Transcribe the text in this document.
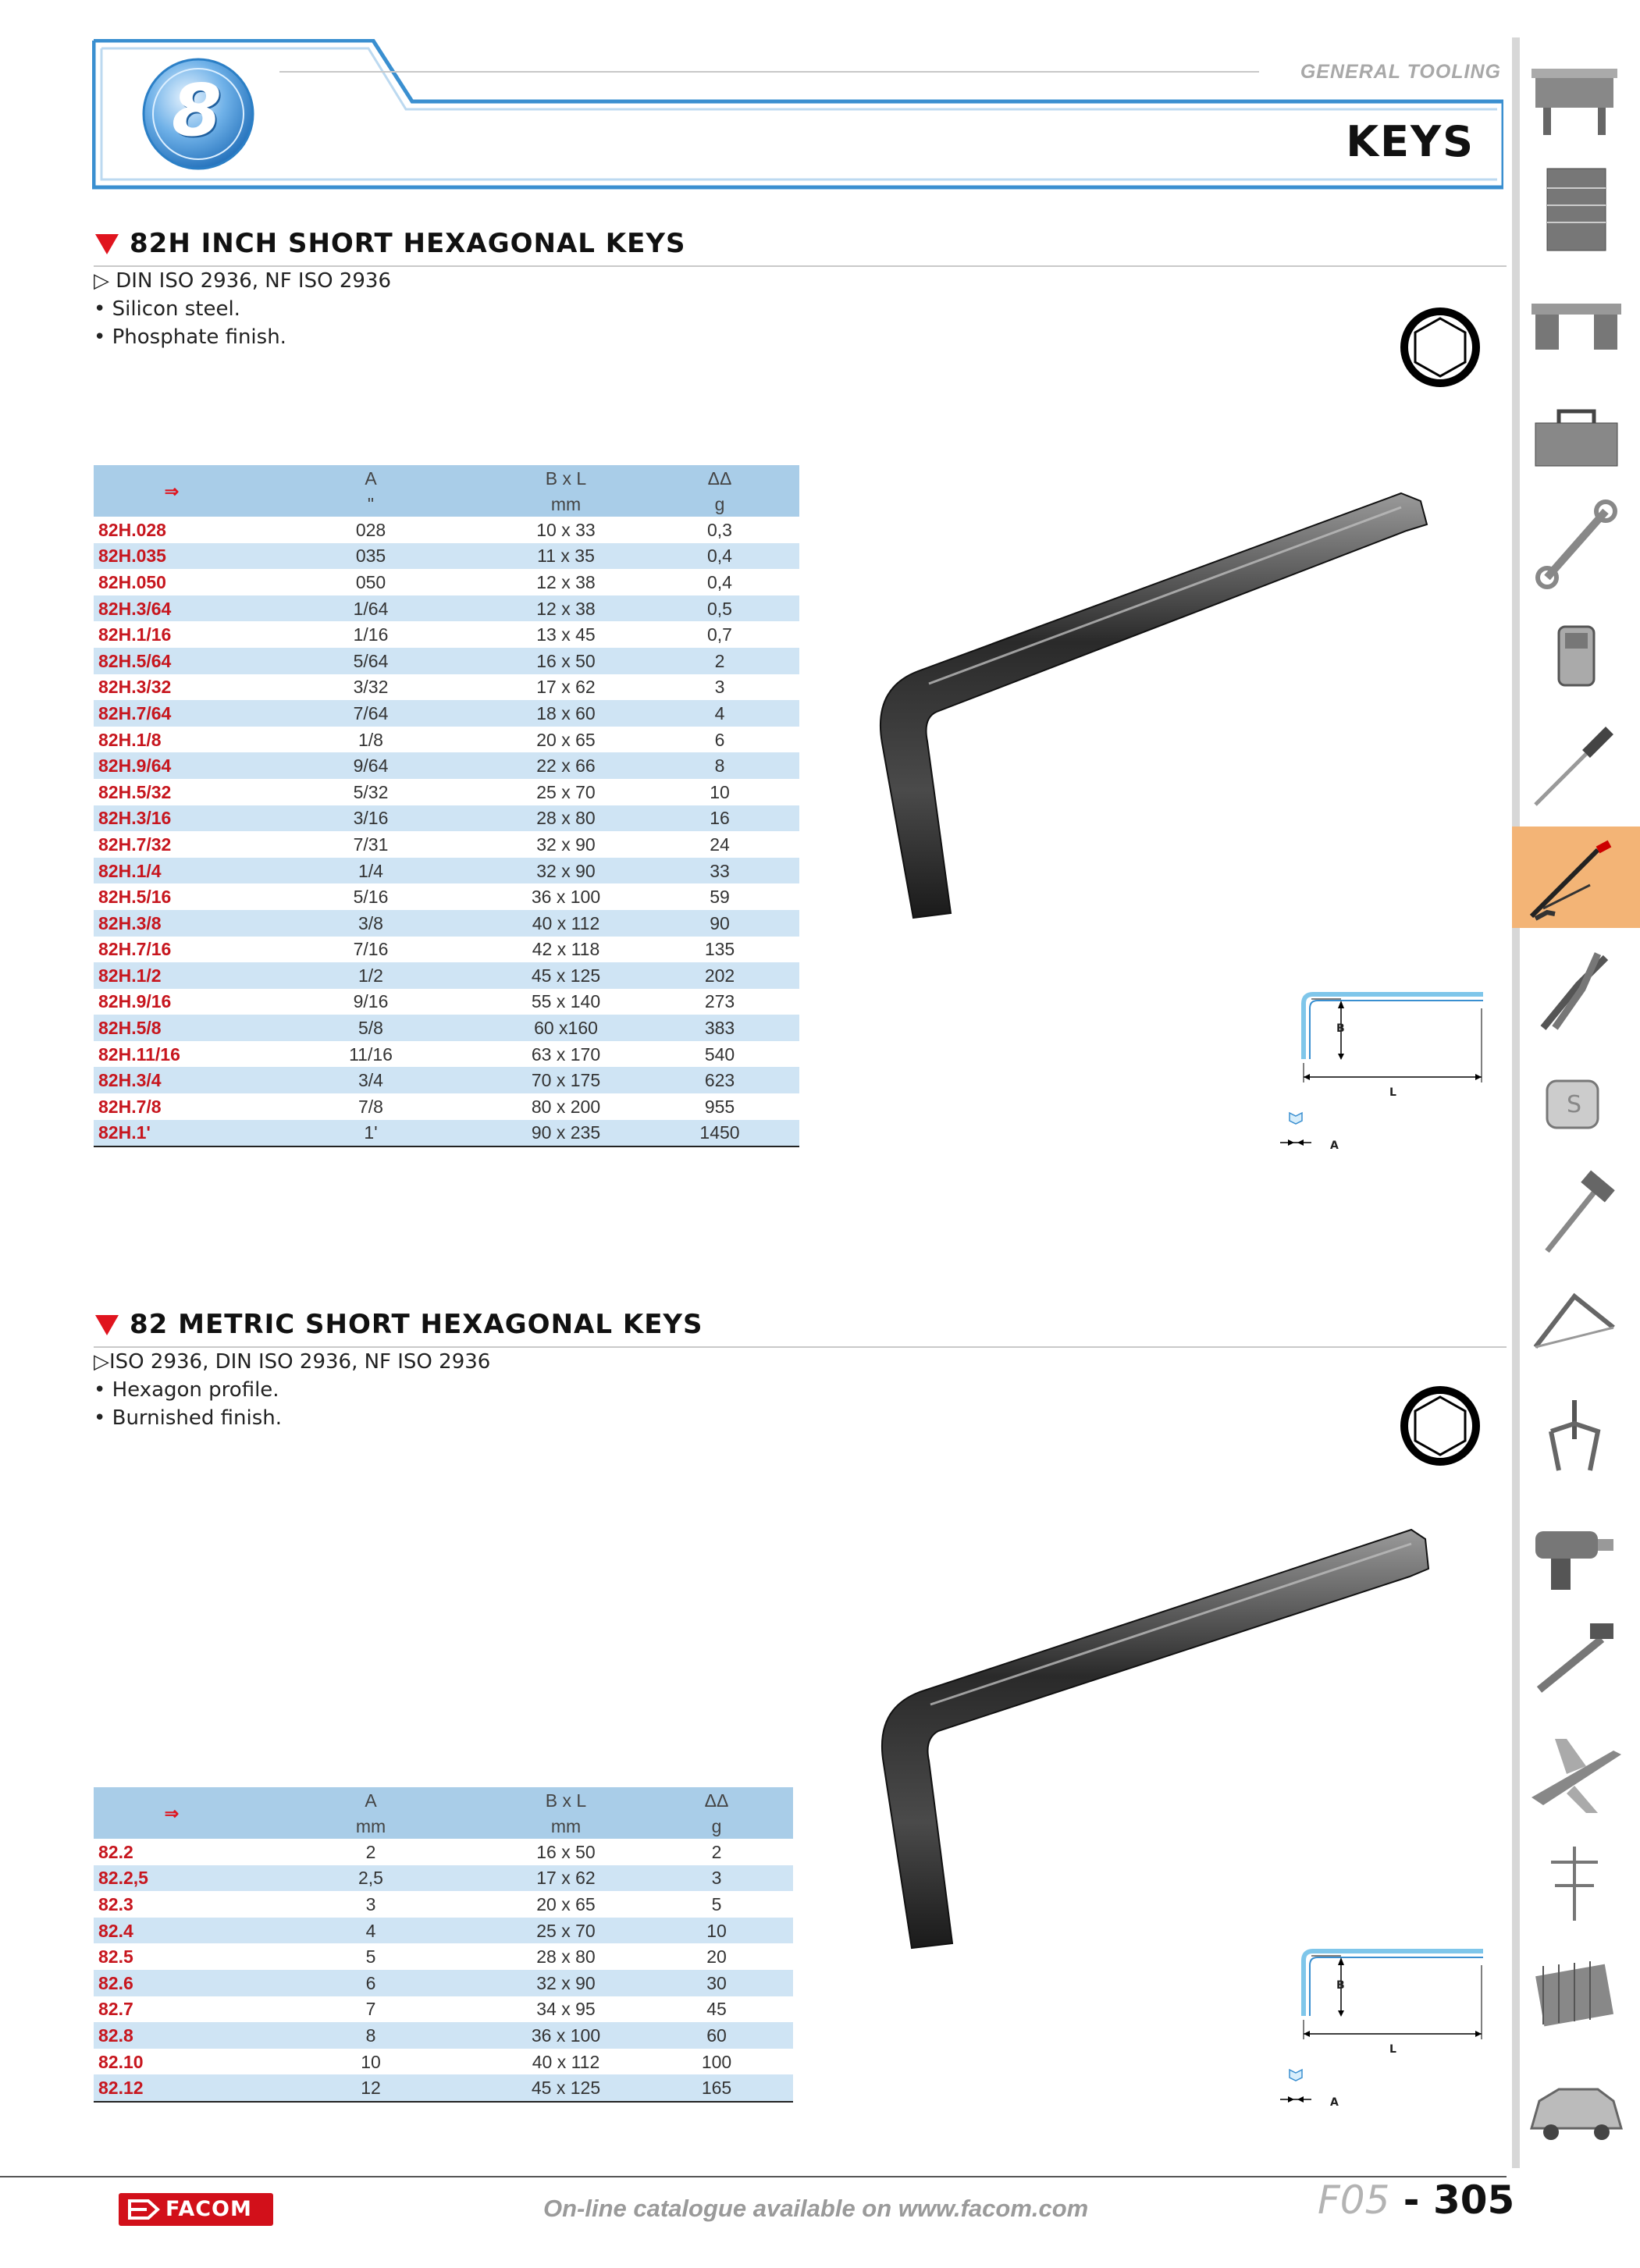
8	GENERAL TOOLING
KEYS
82H INCH SHORT HEXAGONAL KEYS
▷ DIN ISO 2936, NF ISO 2936
• Silicon steel.
• Phosphate finish.
⇒	A	B x L	ΔΔ
	"	mm	g
82H.028	028	10 x 33	0,3
82H.035	035	11 x 35	0,4
82H.050	050	12 x 38	0,4
82H.3/64	1/64	12 x 38	0,5
82H.1/16	1/16	13 x 45	0,7
82H.5/64	5/64	16 x 50	2
82H.3/32	3/32	17 x 62	3
82H.7/64	7/64	18 x 60	4
82H.1/8	1/8	20 x 65	6
82H.9/64	9/64	22 x 66	8
82H.5/32	5/32	25 x 70	10
82H.3/16	3/16	28 x 80	16
82H.7/32	7/31	32 x 90	24
82H.1/4	1/4	32 x 90	33
82H.5/16	5/16	36 x 100	59
82H.3/8	3/8	40 x 112	90
82H.7/16	7/16	42 x 118	135
82H.1/2	1/2	45 x 125	202
82H.9/16	9/16	55 x 140	273
82H.5/8	5/8	60 x160	383
82H.11/16	11/16	63 x 170	540
82H.3/4	3/4	70 x 175	623
82H.7/8	7/8	80 x 200	955
82H.1'	1'	90 x 235	1450
B
L
A
82 METRIC SHORT HEXAGONAL KEYS
▷ISO 2936, DIN ISO 2936, NF ISO 2936
• Hexagon profile.
• Burnished finish.
⇒	A	B x L	ΔΔ
	mm	mm	g
82.2	2	16 x 50	2
82.2,5	2,5	17 x 62	3
82.3	3	20 x 65	5
82.4	4	25 x 70	10
82.5	5	28 x 80	20
82.6	6	32 x 90	30
82.7	7	34 x 95	45
82.8	8	36 x 100	60
82.10	10	40 x 112	100
82.12	12	45 x 125	165
B
L
A
S
FACOM	On-line catalogue available on www.facom.com	F05 - 305
